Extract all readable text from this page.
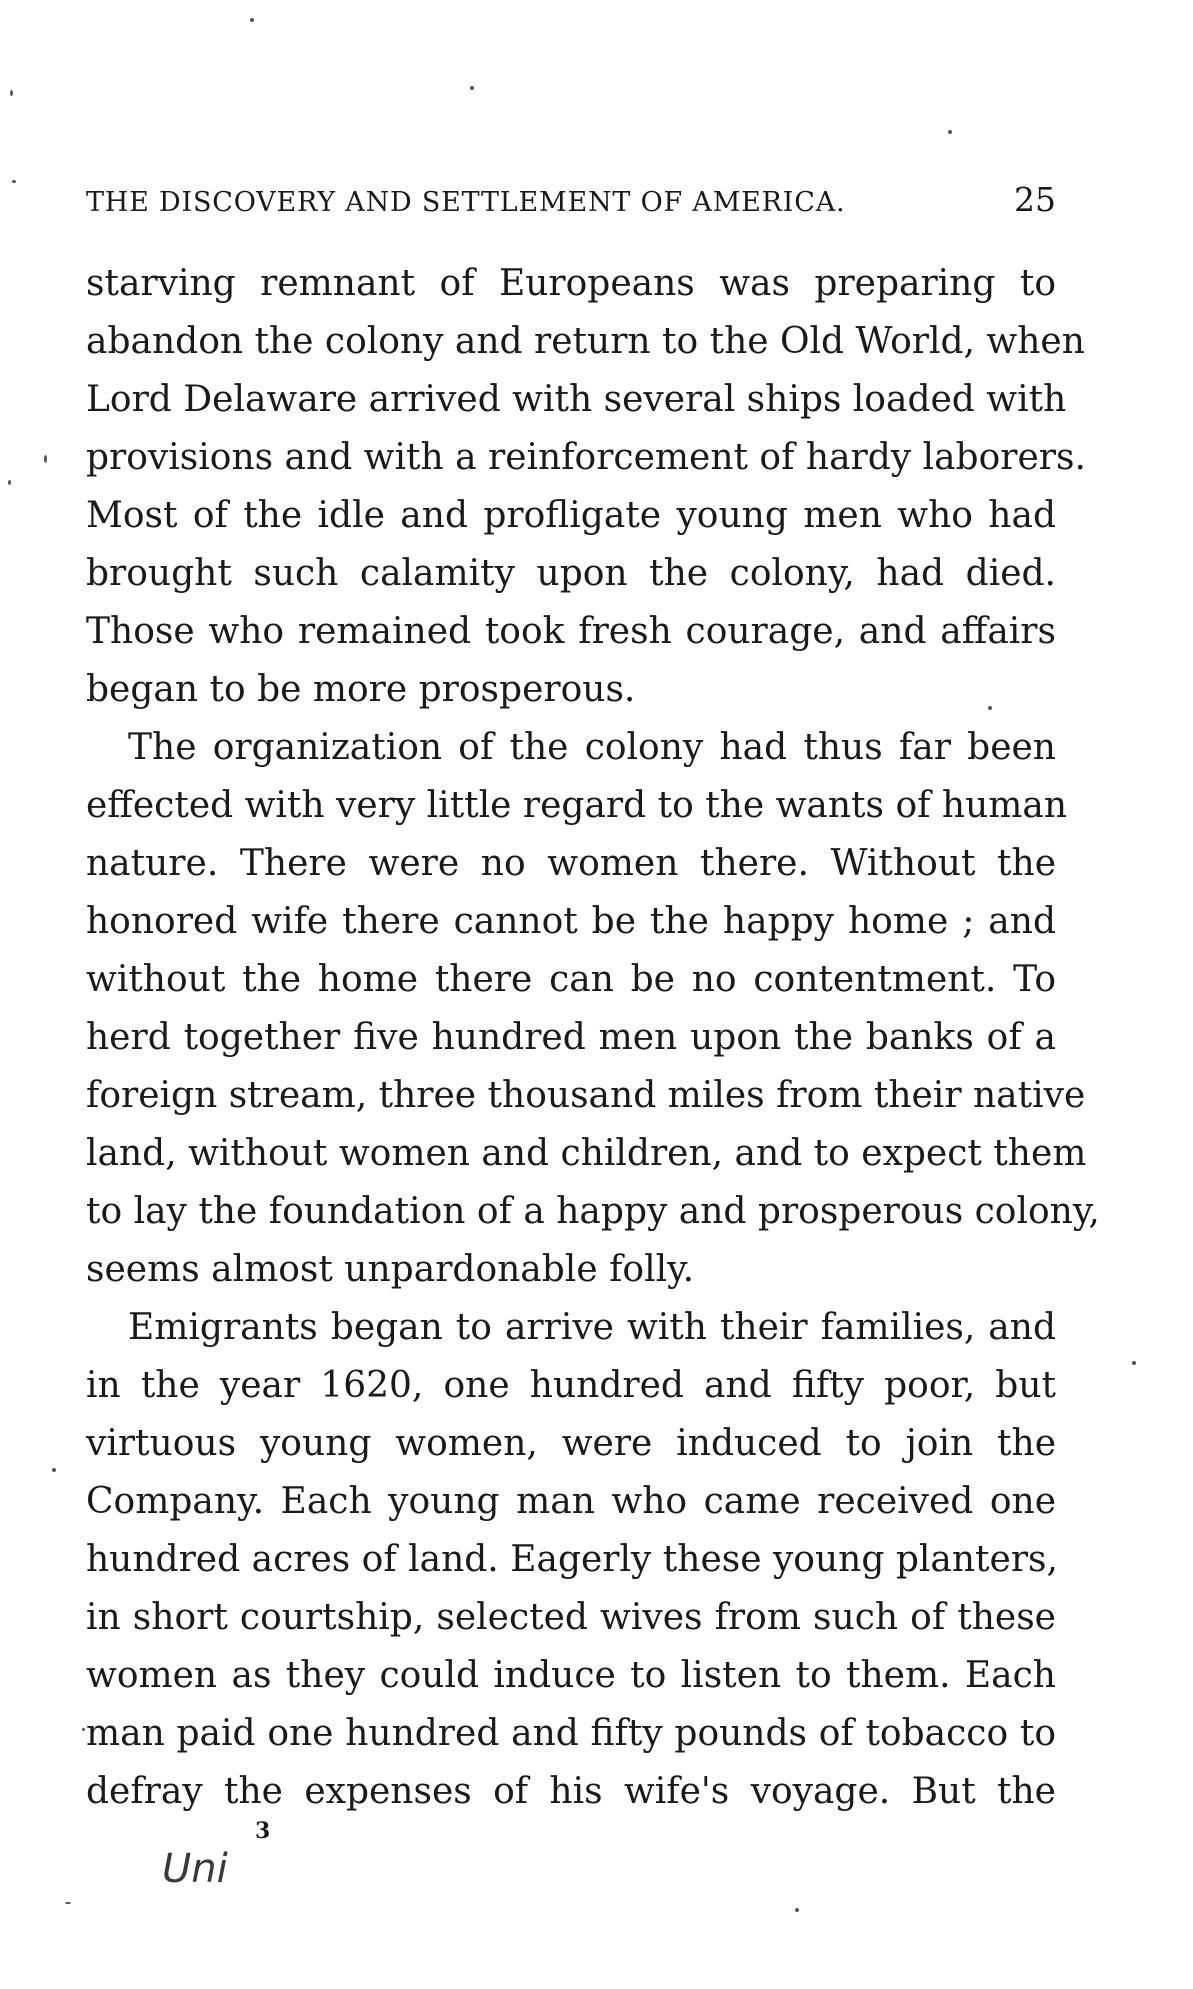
THE DISCOVERY AND SETTLEMENT OF AMERICA.	25
starving remnant of Europeans was preparing to
abandon the colony and return to the Old World, when
Lord Delaware arrived with several ships loaded with
provisions and with a reinforcement of hardy laborers.
Most of the idle and profligate young men who had
brought such calamity upon the colony, had died.
Those who remained took fresh courage, and affairs
began to be more prosperous.
The organization of the colony had thus far been
effected with very little regard to the wants of human
nature. There were no women there. Without the
honored wife there cannot be the happy home ; and
without the home there can be no contentment. To
herd together five hundred men upon the banks of a
foreign stream, three thousand miles from their native
land, without women and children, and to expect them
to lay the foundation of a happy and prosperous colony,
seems almost unpardonable folly.
Emigrants began to arrive with their families, and
in the year 1620, one hundred and fifty poor, but
virtuous young women, were induced to join the
Company. Each young man who came received one
hundred acres of land. Eagerly these young planters,
in short courtship, selected wives from such of these
women as they could induce to listen to them. Each
man paid one hundred and fifty pounds of tobacco to
defray the expenses of his wife's voyage. But the
3
Uni
